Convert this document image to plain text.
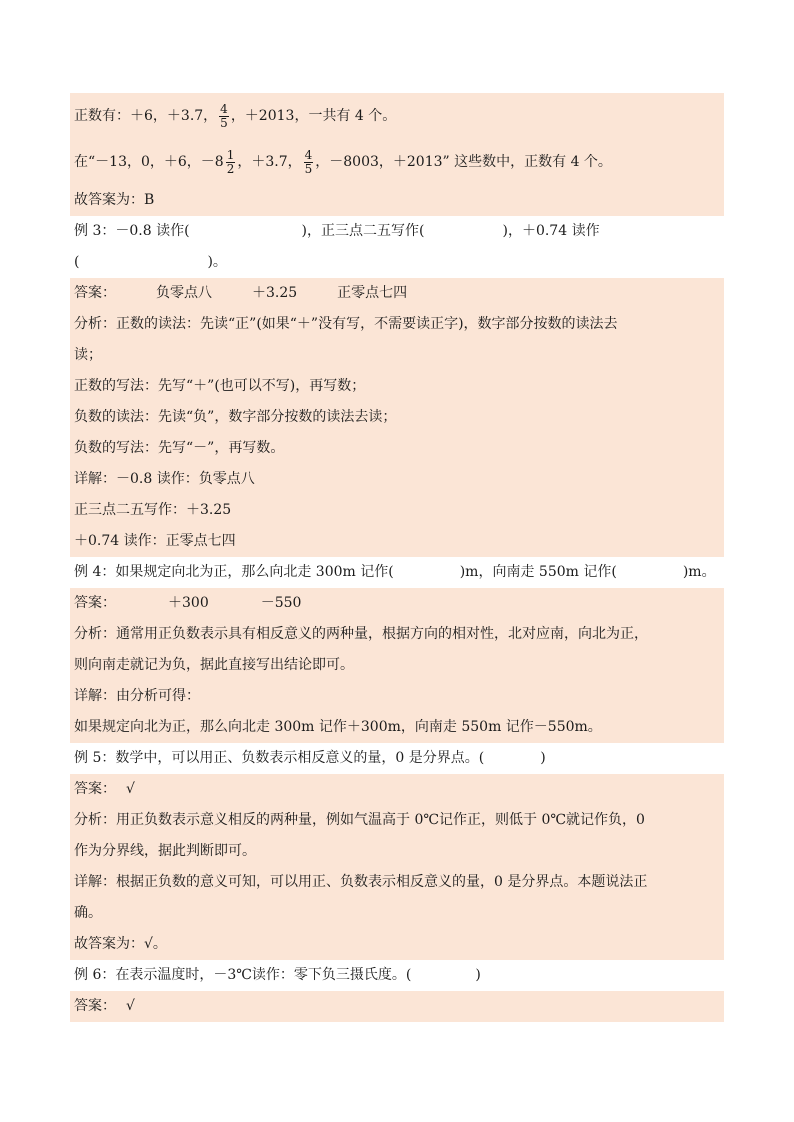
正数有：＋6，＋3.7， $\frac{4}{5}$ ，＋2013，一共有 4 个。
在“－13，0，＋6，$-8 \frac{1}{2}$ ，＋3.7， $\frac{4}{5}$ ，－8003，＋2013” 这些数中，正数有 4 个。
故答案为：B
例 3：－0.8 读作(	)，正三点二五写作(	)，＋0.74 读作
(	)。
答案：	负零点八	＋3.25	正零点七四
分析：正数的读法：先读“正”(如果“＋”没有写，不需要读正字)，数字部分按数的读法去
读；
正数的写法：先写“＋”(也可以不写)，再写数；
负数的读法：先读“负”，数字部分按数的读法去读；
负数的写法：先写“－”，再写数。
详解：－0.8 读作：负零点八
正三点二五写作：＋3.25
＋0.74 读作：正零点七四
例 4：如果规定向北为正，那么向北走 300m 记作(	)m，向南走 550m 记作(	)m。
答案：	＋300	－550
分析：通常用正负数表示具有相反意义的两种量，根据方向的相对性，北对应南，向北为正，
则向南走就记为负，据此直接写出结论即可。
详解：由分析可得：
如果规定向北为正，那么向北走 300m 记作＋300m，向南走 550m 记作－550m。
例 5：数学中，可以用正、负数表示相反意义的量，0 是分界点。(	)
答案： √
分析：用正负数表示意义相反的两种量，例如气温高于 0℃记作正，则低于 0℃就记作负，0
作为分界线，据此判断即可。
详解：根据正负数的意义可知，可以用正、负数表示相反意义的量，0 是分界点。本题说法正
确。
故答案为：√。
例 6：在表示温度时，－3℃读作：零下负三摄氏度。(	)
答案： √
